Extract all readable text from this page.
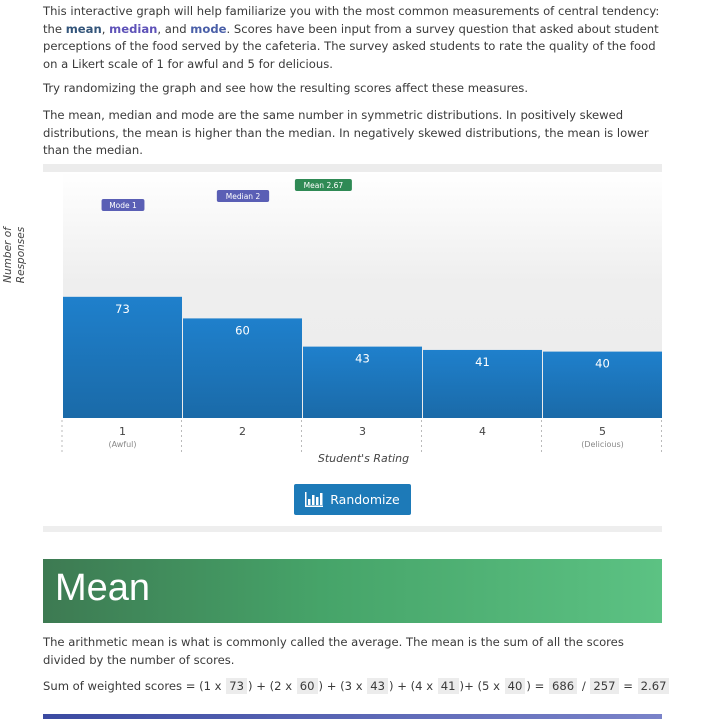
This interactive graph will help familiarize you with the most common measurements of central tendency: the mean, median, and mode. Scores have been input from a survey question that asked about student perceptions of the food served by the cafeteria. The survey asked students to rate the quality of the food on a Likert scale of 1 for awful and 5 for delicious.

Try randomizing the graph and see how the resulting scores affect these measures.

The mean, median and mode are the same number in symmetric distributions. In positively skewed distributions, the mean is higher than the median. In negatively skewed distributions, the mean is lower than the median.

73
60
43	41	40
1
(Awful)
2	3	4	5
(Delicious)
Student's Rating
Mode 1
Median 2
Mean 2.67
Number of Responses
Randomize
Mean

The arithmetic mean is what is commonly called the average. The mean is the sum of all the scores divided by the number of scores.

Sum of weighted scores = (1 x 73 ) + (2 x 60 ) + (3 x 43 ) + (4 x 41 )+ (5 x 40 ) = 686 / 257 = 2.67
